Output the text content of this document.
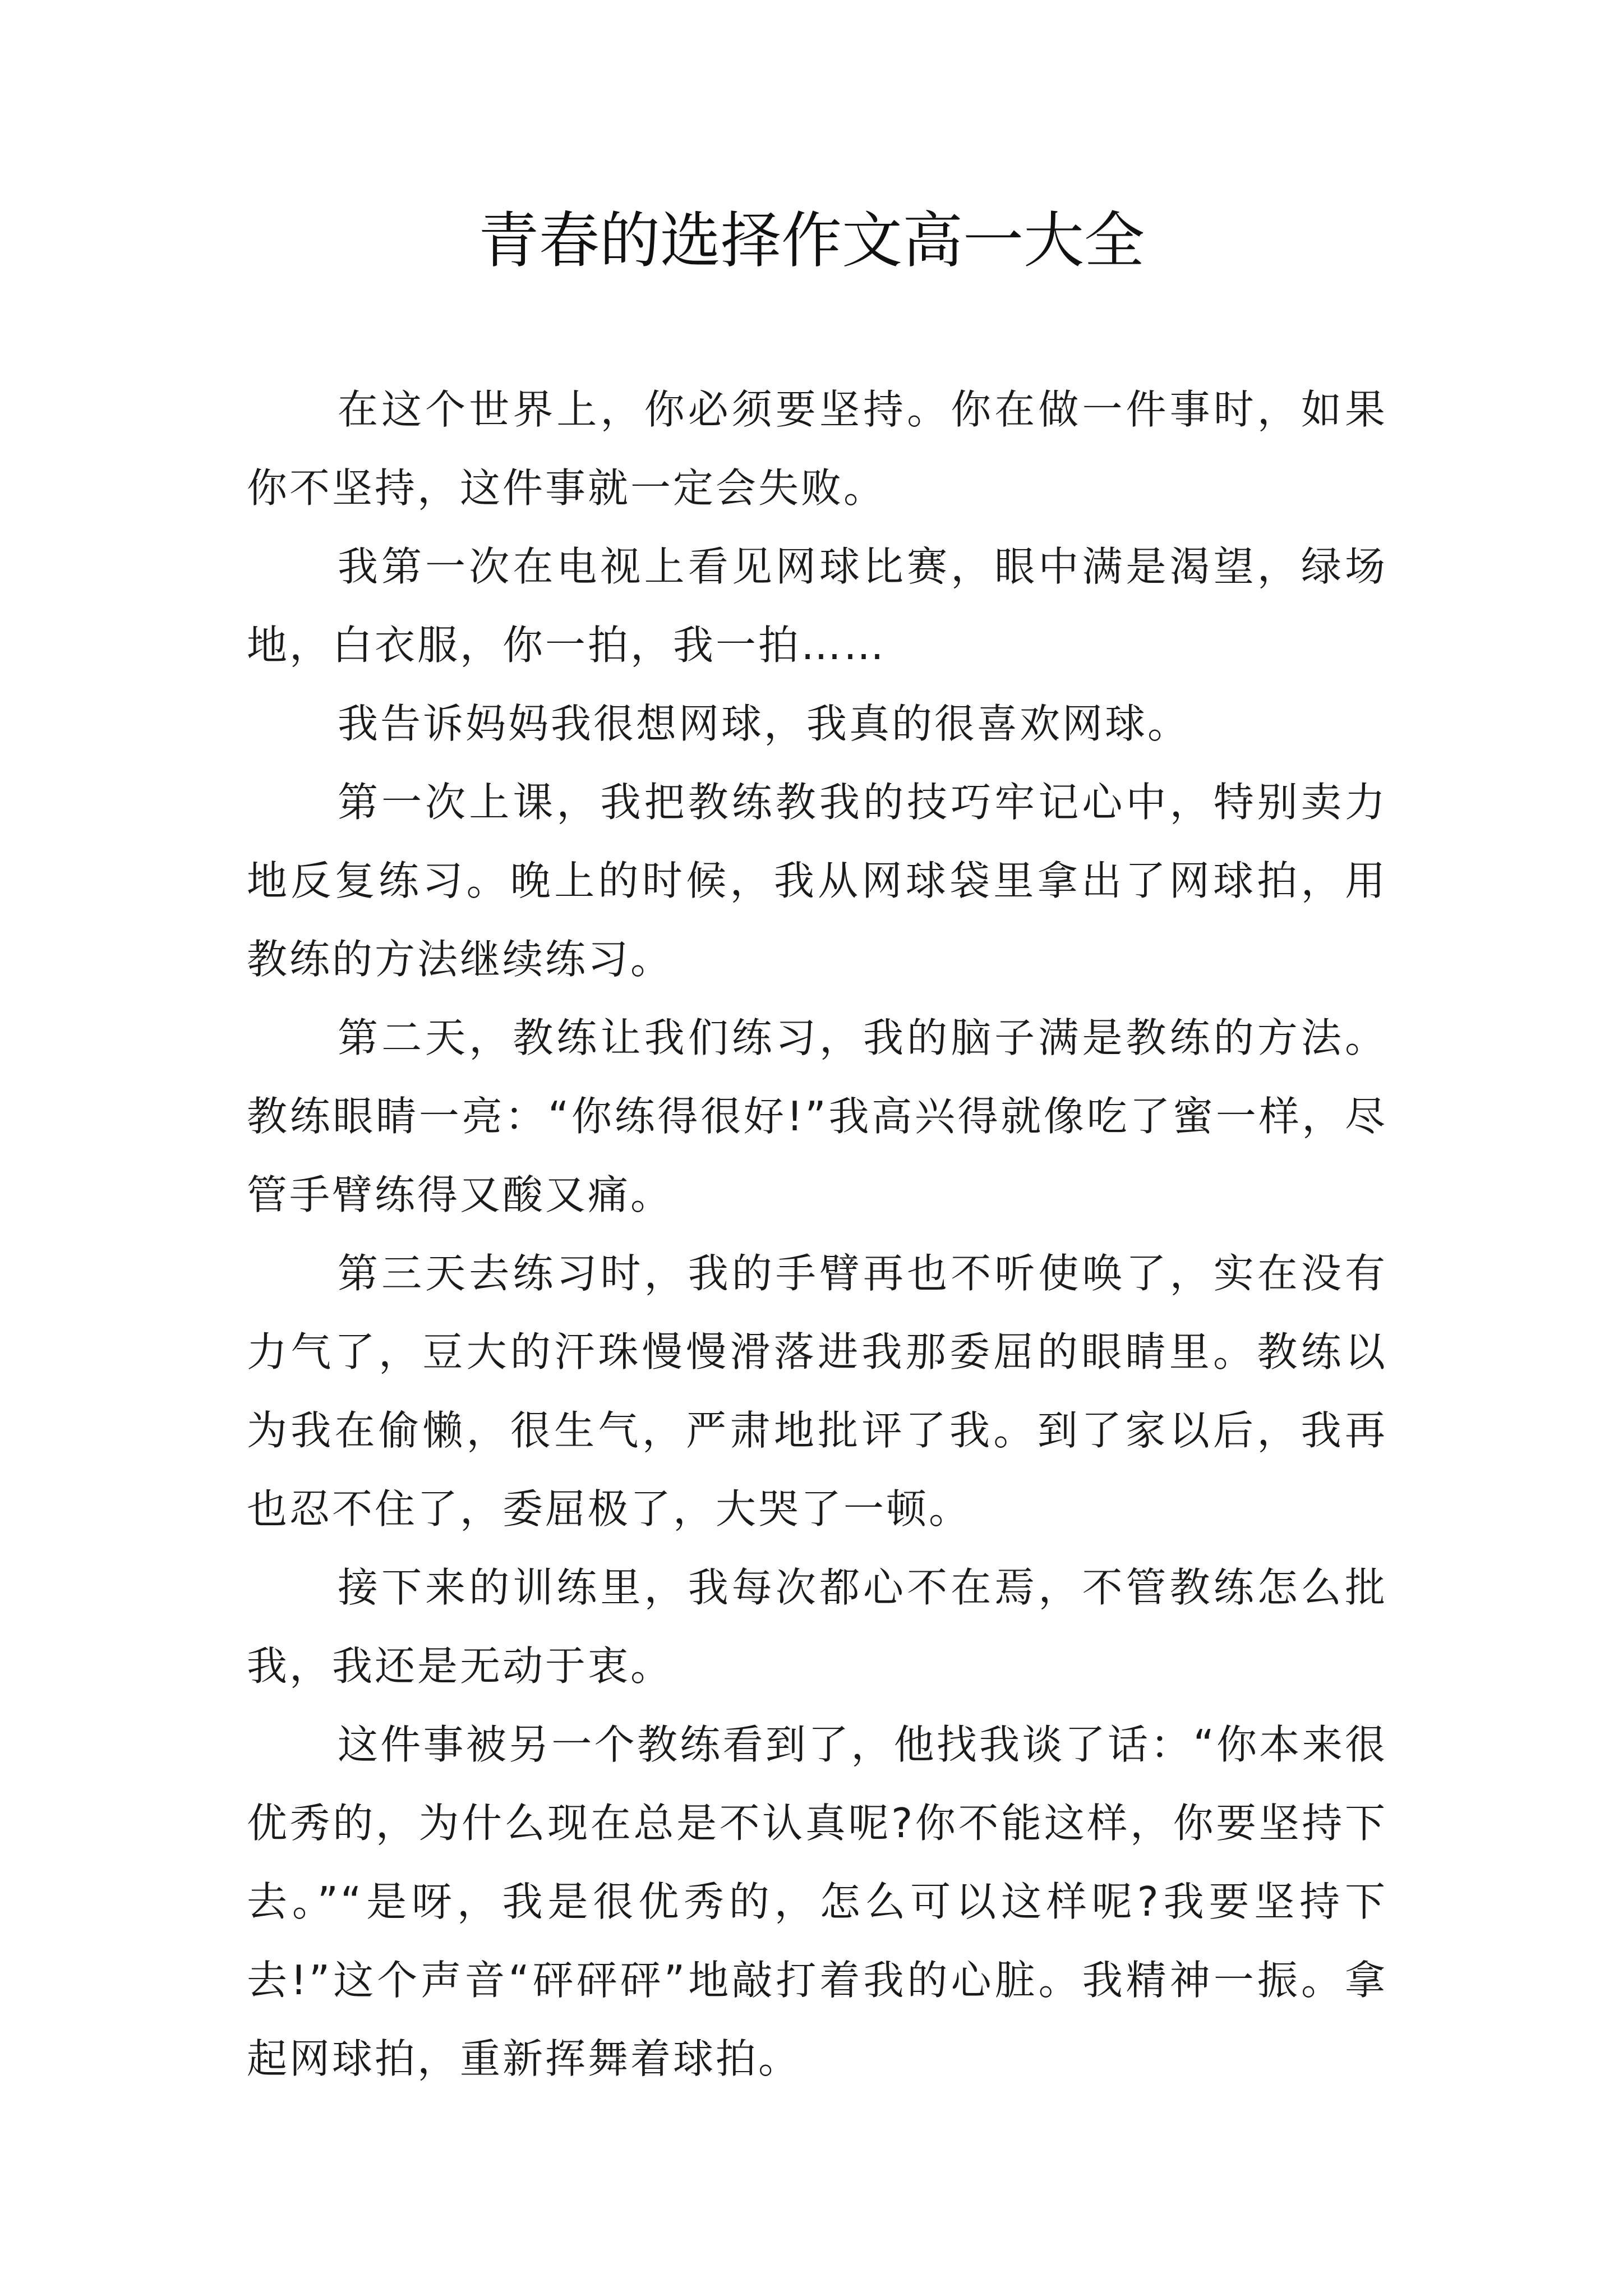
青春的选择作文高一大全

在这个世界上，你必须要坚持。你在做一件事时，如果你不坚持，这件事就一定会失败。

我第一次在电视上看见网球比赛，眼中满是渴望，绿场地，白衣服，你一拍，我一拍……

我告诉妈妈我很想网球，我真的很喜欢网球。

第一次上课，我把教练教我的技巧牢记心中，特别卖力地反复练习。晚上的时候，我从网球袋里拿出了网球拍，用教练的方法继续练习。

第二天，教练让我们练习，我的脑子满是教练的方法。教练眼睛一亮：“你练得很好!”我高兴得就像吃了蜜一样，尽管手臂练得又酸又痛。

第三天去练习时，我的手臂再也不听使唤了，实在没有力气了，豆大的汗珠慢慢滑落进我那委屈的眼睛里。教练以为我在偷懒，很生气，严肃地批评了我。到了家以后，我再也忍不住了，委屈极了，大哭了一顿。

接下来的训练里，我每次都心不在焉，不管教练怎么批我，我还是无动于衷。

这件事被另一个教练看到了，他找我谈了话：“你本来很优秀的，为什么现在总是不认真呢?你不能这样，你要坚持下去。”“是呀，我是很优秀的，怎么可以这样呢?我要坚持下去!”这个声音“砰砰砰”地敲打着我的心脏。我精神一振。拿起网球拍，重新挥舞着球拍。
